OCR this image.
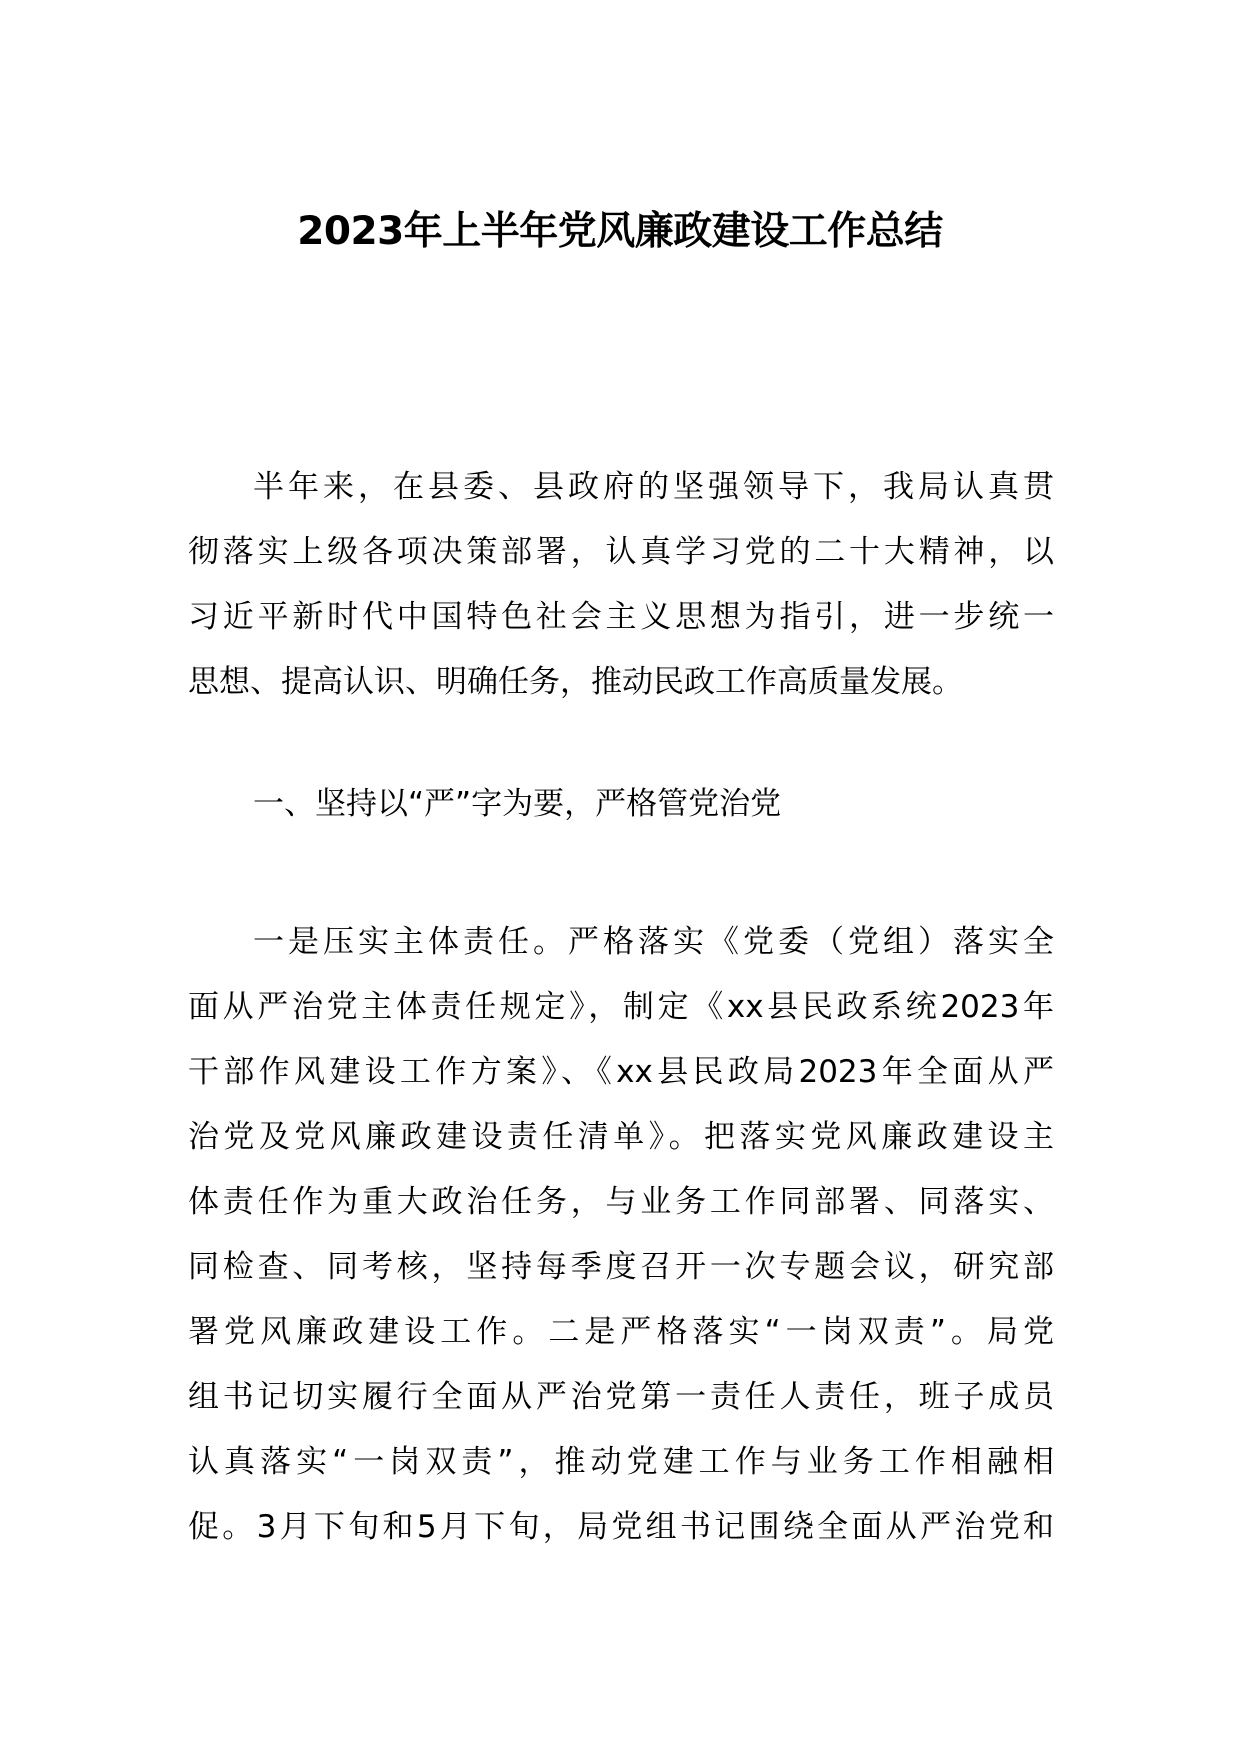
2023年上半年党风廉政建设工作总结
半年来，在县委、县政府的坚强领导下，我局认真贯
彻落实上级各项决策部署，认真学习党的二十大精神，以
习近平新时代中国特色社会主义思想为指引，进一步统一
思想、提高认识、明确任务，推动民政工作高质量发展。
一、坚持以“严”字为要，严格管党治党
一是压实主体责任。严格落实《党委（党组）落实全
面从严治党主体责任规定》，制定《xx县民政系统2023年
干部作风建设工作方案》、《xx县民政局2023年全面从严
治党及党风廉政建设责任清单》。把落实党风廉政建设主
体责任作为重大政治任务，与业务工作同部署、同落实、
同检查、同考核，坚持每季度召开一次专题会议，研究部
署党风廉政建设工作。二是严格落实“一岗双责”。局党
组书记切实履行全面从严治党第一责任人责任，班子成员
认真落实“一岗双责”，推动党建工作与业务工作相融相
促。3月下旬和5月下旬，局党组书记围绕全面从严治党和
